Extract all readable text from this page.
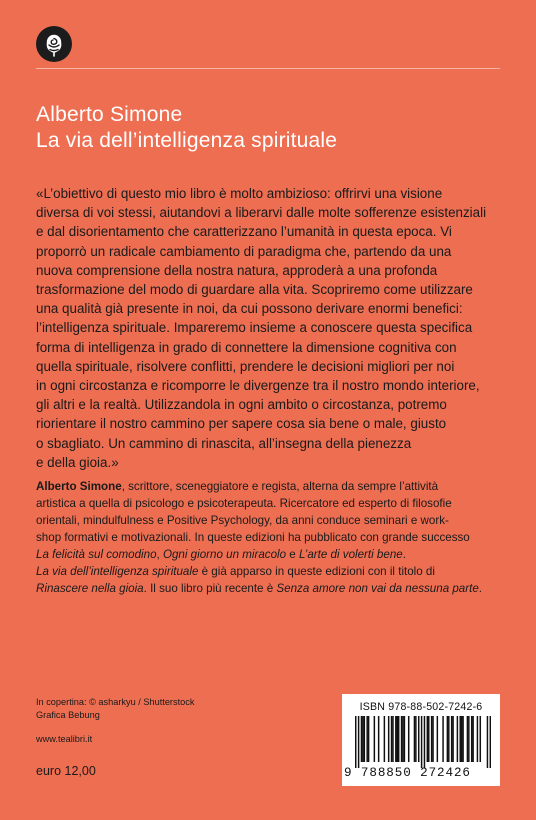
Alberto Simone
La via dell’intelligenza spirituale
«L’obiettivo di questo mio libro è molto ambizioso: offrirvi una visione
diversa di voi stessi, aiutandovi a liberarvi dalle molte sofferenze esistenziali
e dal disorientamento che caratterizzano l’umanità in questa epoca. Vi
proporrò un radicale cambiamento di paradigma che, partendo da una
nuova comprensione della nostra natura, approderà a una profonda
trasformazione del modo di guardare alla vita. Scopriremo come utilizzare
una qualità già presente in noi, da cui possono derivare enormi benefici:
l’intelligenza spirituale. Impareremo insieme a conoscere questa specifica
forma di intelligenza in grado di connettere la dimensione cognitiva con
quella spirituale, risolvere conflitti, prendere le decisioni migliori per noi
in ogni circostanza e ricomporre le divergenze tra il nostro mondo interiore,
gli altri e la realtà. Utilizzandola in ogni ambito o circostanza, potremo
riorientare il nostro cammino per sapere cosa sia bene o male, giusto
o sbagliato. Un cammino di rinascita, all’insegna della pienezza
e della gioia.»
Alberto Simone, scrittore, sceneggiatore e regista, alterna da sempre l’attività
artistica a quella di psicologo e psicoterapeuta. Ricercatore ed esperto di filosofie
orientali, mindulfulness e Positive Psychology, da anni conduce seminari e work-
shop formativi e motivazionali. In queste edizioni ha pubblicato con grande successo
La felicità sul comodino, Ogni giorno un miracolo e L’arte di volerti bene.
La via dell’intelligenza spirituale è già apparso in queste edizioni con il titolo di
Rinascere nella gioia. Il suo libro più recente è Senza amore non vai da nessuna parte.
In copertina: © asharkyu / Shutterstock
Grafica Bebung
www.tealibri.it
euro 12,00
ISBN 978-88-502-7242-6
9 788850 272426
